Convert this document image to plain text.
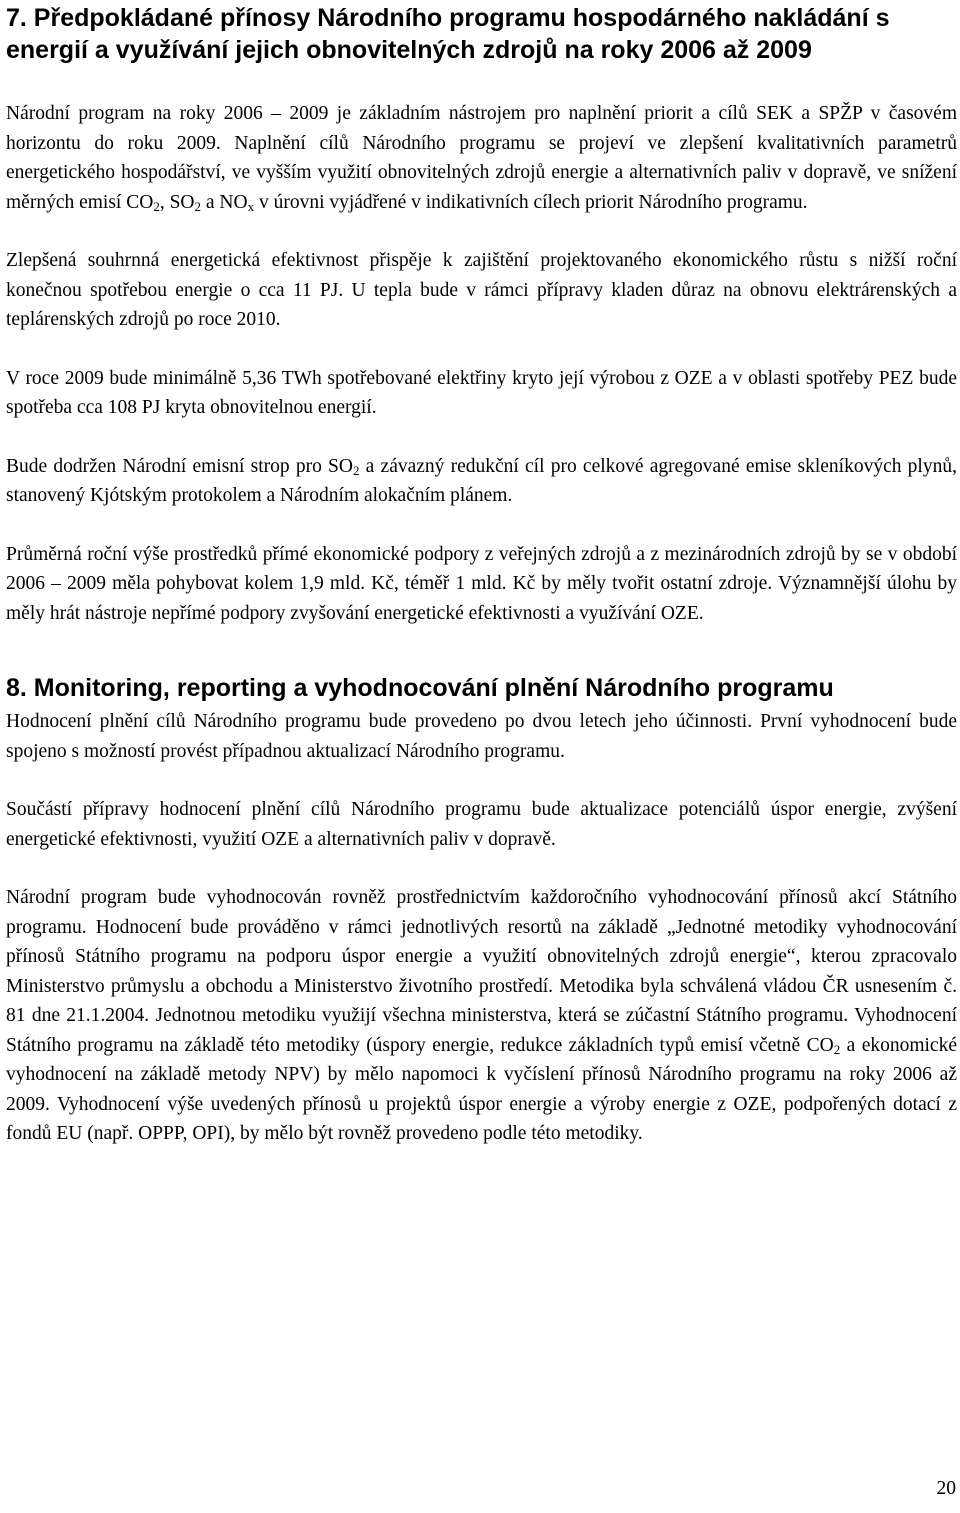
7. Předpokládané přínosy Národního programu hospodárného nakládání s energií a využívání jejich obnovitelných zdrojů na roky 2006 až 2009

Národní program na roky 2006 – 2009 je základním nástrojem pro naplnění priorit a cílů SEK a SPŽP v časovém horizontu do roku 2009. Naplnění cílů Národního programu se projeví ve zlepšení kvalitativních parametrů energetického hospodářství, ve vyšším využití obnovitelných zdrojů energie a alternativních paliv v dopravě, ve snížení měrných emisí $CO_2$, $SO_2$ a $NO_x$ v úrovni vyjádřené v indikativních cílech priorit Národního programu.

Zlepšená souhrnná energetická efektivnost přispěje k zajištění projektovaného ekonomického růstu s nižší roční konečnou spotřebou energie o cca 11 PJ. U tepla bude v rámci přípravy kladen důraz na obnovu elektrárenských a teplárenských zdrojů po roce 2010.

V roce 2009 bude minimálně 5,36 TWh spotřebované elektřiny kryto její výrobou z OZE a v oblasti spotřeby PEZ bude spotřeba cca 108 PJ kryta obnovitelnou energií.

Bude dodržen Národní emisní strop pro $SO_2$ a závazný redukční cíl pro celkové agregované emise skleníkových plynů, stanovený Kjótským protokolem a Národním alokačním plánem.

Průměrná roční výše prostředků přímé ekonomické podpory z veřejných zdrojů a z mezinárodních zdrojů by se v období 2006 – 2009 měla pohybovat kolem 1,9 mld. Kč, téměř 1 mld. Kč by měly tvořit ostatní zdroje. Významnější úlohu by měly hrát nástroje nepřímé podpory zvyšování energetické efektivnosti a využívání OZE.

8. Monitoring, reporting a vyhodnocování plnění Národního programu

Hodnocení plnění cílů Národního programu bude provedeno po dvou letech jeho účinnosti. První vyhodnocení bude spojeno s možností provést případnou aktualizací Národního programu.

Součástí přípravy hodnocení plnění cílů Národního programu bude aktualizace potenciálů úspor energie, zvýšení energetické efektivnosti, využití OZE a alternativních paliv v dopravě.

Národní program bude vyhodnocován rovněž prostřednictvím každoročního vyhodnocování přínosů akcí Státního programu. Hodnocení bude prováděno v rámci jednotlivých resortů na základě „Jednotné metodiky vyhodnocování přínosů Státního programu na podporu úspor energie a využití obnovitelných zdrojů energie“, kterou zpracovalo Ministerstvo průmyslu a obchodu a Ministerstvo životního prostředí. Metodika byla schválená vládou ČR usnesením č. 81 dne 21.1.2004. Jednotnou metodiku využijí všechna ministerstva, která se zúčastní Státního programu. Vyhodnocení Státního programu na základě této metodiky (úspory energie, redukce základních typů emisí včetně $CO_2$ a ekonomické vyhodnocení na základě metody NPV) by mělo napomoci k vyčíslení přínosů Národního programu na roky 2006 až 2009. Vyhodnocení výše uvedených přínosů u projektů úspor energie a výroby energie z OZE, podpořených dotací z fondů EU (např. OPPP, OPI), by mělo být rovněž provedeno podle této metodiky.

20
